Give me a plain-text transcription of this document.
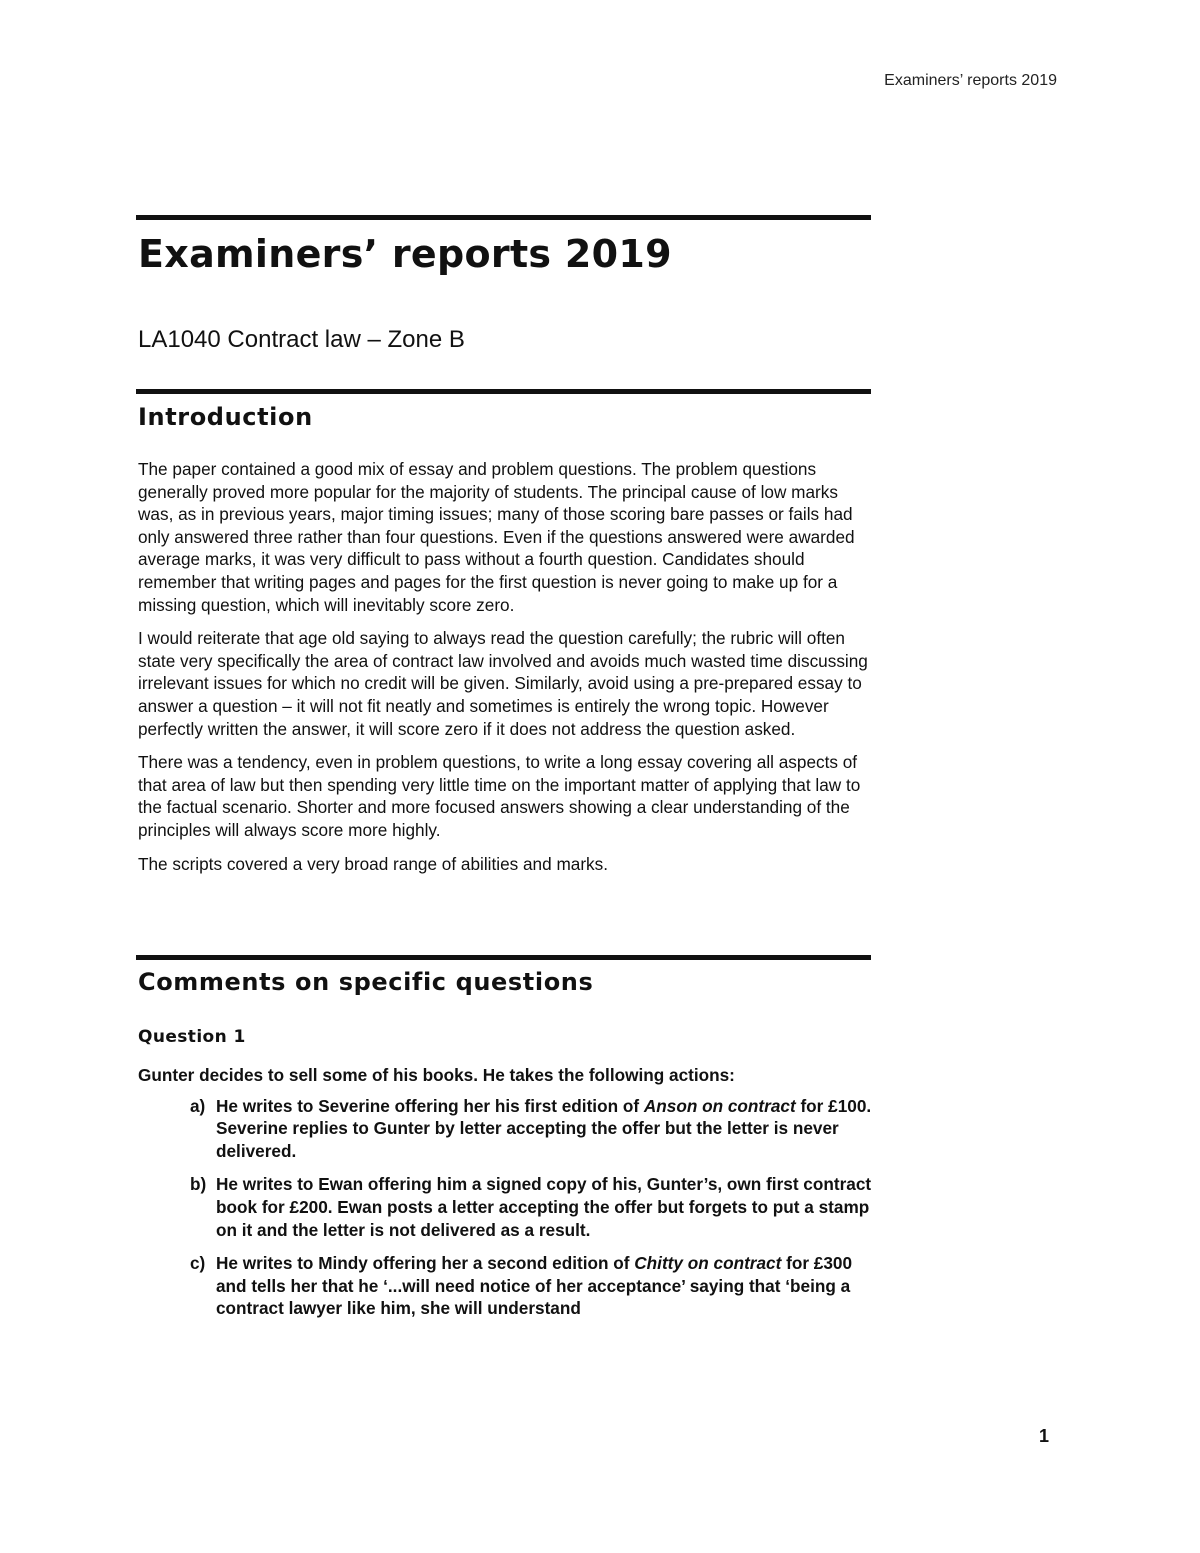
Examiners’ reports 2019
Examiners’ reports 2019
LA1040 Contract law – Zone B
Introduction

The paper contained a good mix of essay and problem questions. The problem questions generally proved more popular for the majority of students. The principal cause of low marks was, as in previous years, major timing issues; many of those scoring bare passes or fails had only answered three rather than four questions. Even if the questions answered were awarded average marks, it was very difficult to pass without a fourth question. Candidates should remember that writing pages and pages for the first question is never going to make up for a missing question, which will inevitably score zero.

I would reiterate that age old saying to always read the question carefully; the rubric will often state very specifically the area of contract law involved and avoids much wasted time discussing irrelevant issues for which no credit will be given. Similarly, avoid using a pre-prepared essay to answer a question – it will not fit neatly and sometimes is entirely the wrong topic. However perfectly written the answer, it will score zero if it does not address the question asked.

There was a tendency, even in problem questions, to write a long essay covering all aspects of that area of law but then spending very little time on the important matter of applying that law to the factual scenario. Shorter and more focused answers showing a clear understanding of the principles will always score more highly.

The scripts covered a very broad range of abilities and marks.

Comments on specific questions
Question 1

Gunter decides to sell some of his books. He takes the following actions:

a) He writes to Severine offering her his first edition of Anson on contract for £100. Severine replies to Gunter by letter accepting the offer but the letter is never delivered.
b) He writes to Ewan offering him a signed copy of his, Gunter’s, own first contract book for £200. Ewan posts a letter accepting the offer but forgets to put a stamp on it and the letter is not delivered as a result.
c) He writes to Mindy offering her a second edition of Chitty on contract for £300 and tells her that he ‘...will need notice of her acceptance’ saying that ‘being a contract lawyer like him, she will understand
1
